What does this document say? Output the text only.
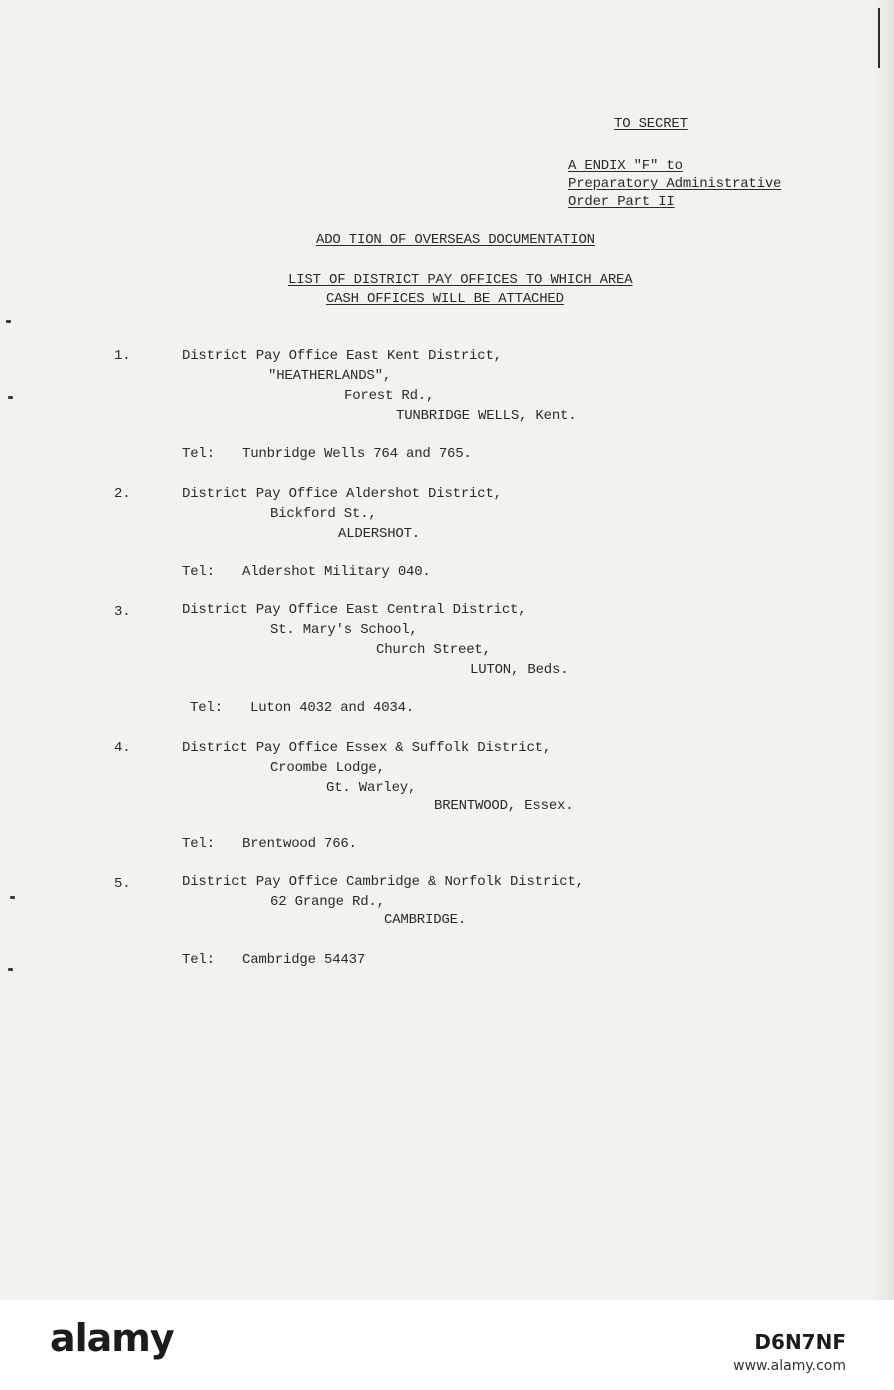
TO SECRET

A ENDIX "F" to

Preparatory Administrative

Order Part II

ADO TION OF OVERSEAS DOCUMENTATION

LIST OF DISTRICT PAY OFFICES TO WHICH AREA

CASH OFFICES WILL BE ATTACHED

1.	District Pay Office East Kent District,

"HEATHERLANDS",

Forest Rd.,

TUNBRIDGE WELLS, Kent.

Tel: Tunbridge Wells 764 and 765.

2.	District Pay Office Aldershot District,

Bickford St.,

ALDERSHOT.

Tel: Aldershot Military 040.

3.	District Pay Office East Central District,

St. Mary's School,

Church Street,

LUTON, Beds.

Tel: Luton 4032 and 4034.

4.	District Pay Office Essex & Suffolk District,

Croombe Lodge,

Gt. Warley,

BRENTWOOD, Essex.

Tel: Brentwood 766.

5.	District Pay Office Cambridge & Norfolk District,

62 Grange Rd.,

CAMBRIDGE.

Tel: Cambridge 54437

alamy	D6N7NF
www.alamy.com
